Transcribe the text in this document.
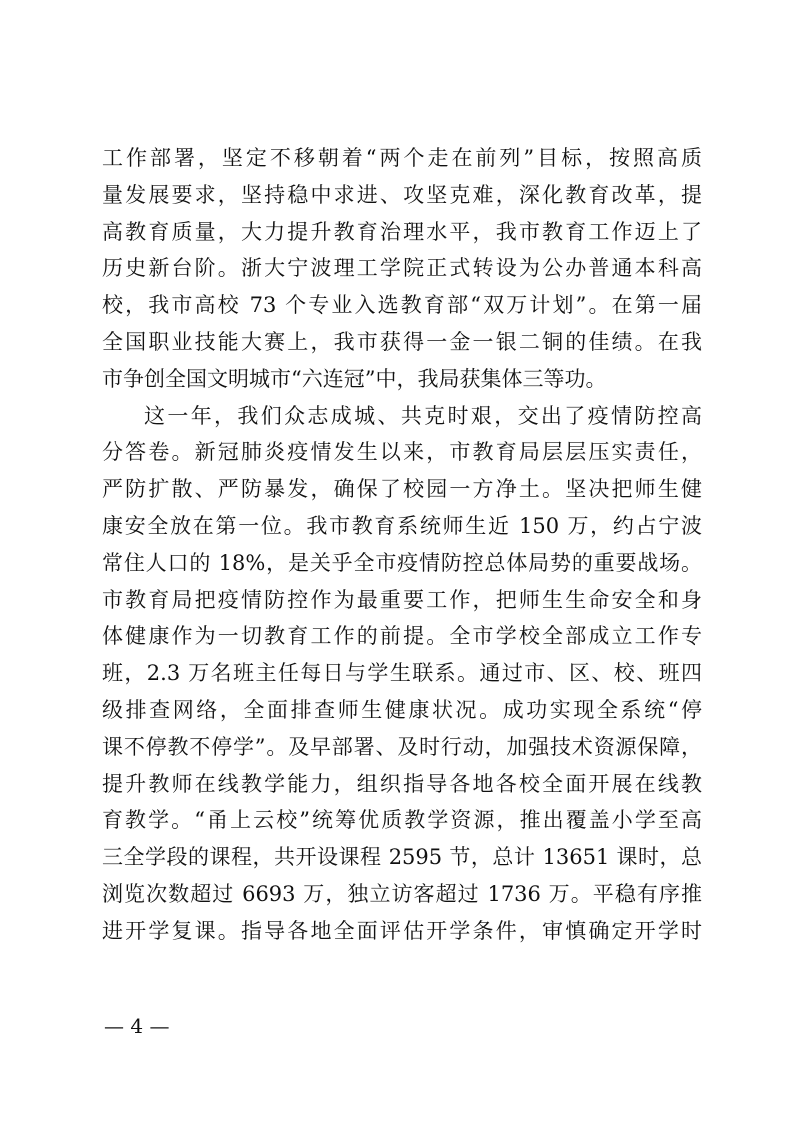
工作部署，坚定不移朝着“两个走在前列”目标，按照高质
量发展要求，坚持稳中求进、攻坚克难，深化教育改革，提
高教育质量，大力提升教育治理水平，我市教育工作迈上了
历史新台阶。浙大宁波理工学院正式转设为公办普通本科高
校，我市高校 73 个专业入选教育部“双万计划”。在第一届
全国职业技能大赛上，我市获得一金一银二铜的佳绩。在我
市争创全国文明城市“六连冠”中，我局获集体三等功。
这一年，我们众志成城、共克时艰，交出了疫情防控高
分答卷。新冠肺炎疫情发生以来，市教育局层层压实责任，
严防扩散、严防暴发，确保了校园一方净土。坚决把师生健
康安全放在第一位。我市教育系统师生近 150 万，约占宁波
常住人口的 18%，是关乎全市疫情防控总体局势的重要战场。
市教育局把疫情防控作为最重要工作，把师生生命安全和身
体健康作为一切教育工作的前提。全市学校全部成立工作专
班，2.3 万名班主任每日与学生联系。通过市、区、校、班四
级排查网络，全面排查师生健康状况。成功实现全系统“停
课不停教不停学”。及早部署、及时行动，加强技术资源保障，
提升教师在线教学能力，组织指导各地各校全面开展在线教
育教学。“甬上云校”统筹优质教学资源，推出覆盖小学至高
三全学段的课程，共开设课程 2595 节，总计 13651 课时，总
浏览次数超过 6693 万，独立访客超过 1736 万。平稳有序推
进开学复课。指导各地全面评估开学条件，审慎确定开学时
— 4 —
